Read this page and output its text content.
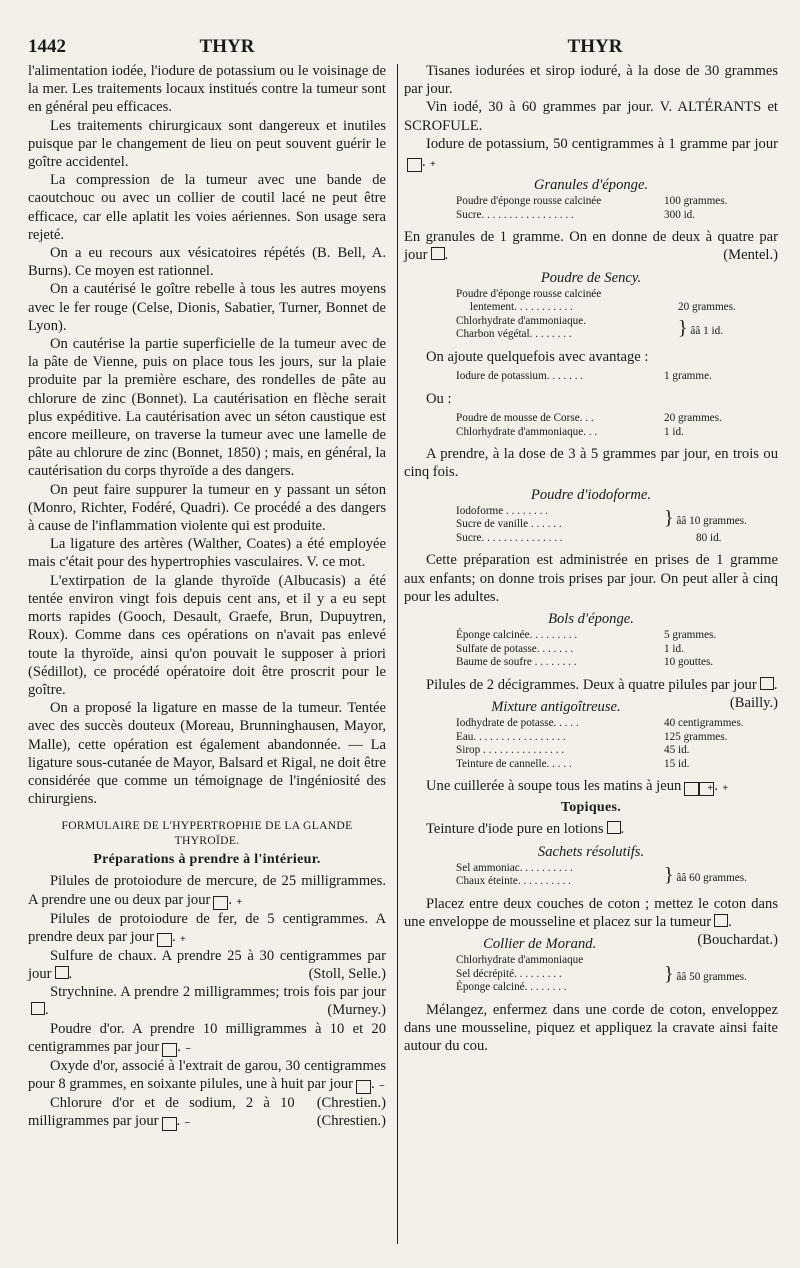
1442	THYR	THYR

l'alimentation iodée, l'iodure de potassium ou le voisinage de la mer. Les traitements locaux institués contre la tumeur sont en général peu efficaces.

Les traitements chirurgicaux sont dangereux et inutiles puisque par le changement de lieu on peut souvent guérir le goître accidentel.

La compression de la tumeur avec une bande de caoutchouc ou avec un collier de coutil lacé ne peut être efficace, car elle aplatit les voies aériennes. Son usage sera rejeté.

On a eu recours aux vésicatoires répétés (B. Bell, A. Burns). Ce moyen est rationnel.

On a cautérisé le goître rebelle à tous les autres moyens avec le fer rouge (Celse, Dionis, Sabatier, Turner, Bonnet de Lyon).

On cautérise la partie superficielle de la tumeur avec de la pâte de Vienne, puis on place tous les jours, sur la plaie produite par la première eschare, des rondelles de pâte au chlorure de zinc (Bonnet). La cautérisation en flèche serait plus expéditive. La cautérisation avec un séton caustique est encore meilleure, on traverse la tumeur avec une lamelle de pâte au chlorure de zinc (Bonnet, 1850) ; mais, en général, la cautérisation du corps thyroïde a des dangers.

On peut faire suppurer la tumeur en y passant un séton (Monro, Richter, Fodéré, Quadri). Ce procédé a des dangers à cause de l'inflammation violente qui est produite.

La ligature des artères (Walther, Coates) a été employée mais c'était pour des hypertrophies vasculaires. V. ce mot.

L'extirpation de la glande thyroïde (Albucasis) a été tentée environ vingt fois depuis cent ans, et il y a eu sept morts rapides (Gooch, Desault, Graefe, Brun, Dupuytren, Roux). Comme dans ces opérations on n'avait pas enlevé toute la thyroïde, ainsi qu'on pouvait le supposer à priori (Sédillot), ce procédé opératoire doit être proscrit pour le goître.

On a proposé la ligature en masse de la tumeur. Tentée avec des succès douteux (Moreau, Brunninghausen, Mayor, Malle), cette opération est également abandonnée. — La ligature sous-cutanée de Mayor, Balsard et Rigal, ne doit être considérée que comme un témoignage de l'ingéniosité des chirurgiens.

FORMULAIRE DE L'HYPERTROPHIE DE LA GLANDE THYROÏDE.
Préparations à prendre à l'intérieur.

Pilules de protoiodure de mercure, de 25 milligrammes. A prendre une ou deux par jour	+.

Pilules de protoiodure de fer, de 5 centigrammes. A prendre deux par jour	+.

Sulfure de chaux. A prendre 25 à 30 centigrammes par jour .	(Stoll, Selle.)

Strychnine. A prendre 2 milligrammes; trois fois par jour.	(Murney.)

Poudre d'or. A prendre 10 milligrammes à 10 et 20 centigrammes par jour	−.

Oxyde d'or, associé à l'extrait de garou, 30 centigrammes pour 8 grammes, en soixante pilules, une à huit par jour	−.
(Chrestien.)

Chlorure d'or et de sodium, 2 à 10 milligrammes par jour	−.	(Chrestien.)

Tisanes iodurées et sirop ioduré, à la dose de 30 grammes par jour.

Vin iodé, 30 à 60 grammes par jour. V. ALTÉRANTS et SCROFULE.

Iodure de potassium, 50 centigrammes à 1 gramme par jour+.

Granules d'éponge.
Poudre d'éponge rousse calcinée	100 grammes.
Sucre. . . . . . . . . . . . . . . . .	300 id.

En granules de 1 gramme. On en donne de deux à quatre par jour .	(Mentel.)

Poudre de Sency.
Poudre d'éponge rousse calcinée	
lentement. . . . . . . . . . .	20 grammes.
Chlorhydrate d'ammoniaque.	} ââ 1 id.
Charbon végétal. . . . . . . .	

On ajoute quelquefois avec avantage :

Iodure de potassium. . . . . . .	1 gramme.

Ou :

Poudre de mousse de Corse. . .	20 grammes.
Chlorhydrate d'ammoniaque. . .	1 id.

A prendre, à la dose de 3 à 5 grammes par jour, en trois ou cinq fois.

Poudre d'iodoforme.
Iodoforme . . . . . . . .	} ââ 10 grammes.
Sucre de vanille . . . . . .	
Sucre. . . . . . . . . . . . . . .	80 id.

Cette préparation est administrée en prises de 1 gramme aux enfants; on donne trois prises par jour. On peut aller à cinq pour les adultes.

Bols d'éponge.
Éponge calcinée. . . . . . . . .	5 grammes.
Sulfate de potasse. . . . . . .	1 id.
Baume de soufre . . . . . . . .	10 gouttes.

Pilules de 2 décigrammes. Deux à quatre pilules par jour .
(Bailly.)

Mixture antigoîtreuse.
Iodhydrate de potasse. . . . .	40 centigrammes.
Eau. . . . . . . . . . . . . . . . .	125 grammes.
Sirop . . . . . . . . . . . . . . .	45 id.
Teinture de cannelle. . . . .	15 id.

Une cuillerée à soupe tous les matins à jeun	+ +.

Topiques.

Teinture d'iode pure en lotions .

Sachets résolutifs.
Sel ammoniac. . . . . . . . . .	} ââ 60 grammes.
Chaux éteinte. . . . . . . . . .

Placez entre deux couches de coton ; mettez le coton dans une enveloppe de mousseline et placez sur la tumeur .
(Bouchardat.)

Collier de Morand.
Chlorhydrate d'ammoniaque	} ââ 50 grammes.
Sel décrépité. . . . . . . . .
Éponge calciné. . . . . . . .

Mélangez, enfermez dans une corde de coton, enveloppez dans une mousseline, piquez et appliquez la cravate ainsi faite autour du cou.
